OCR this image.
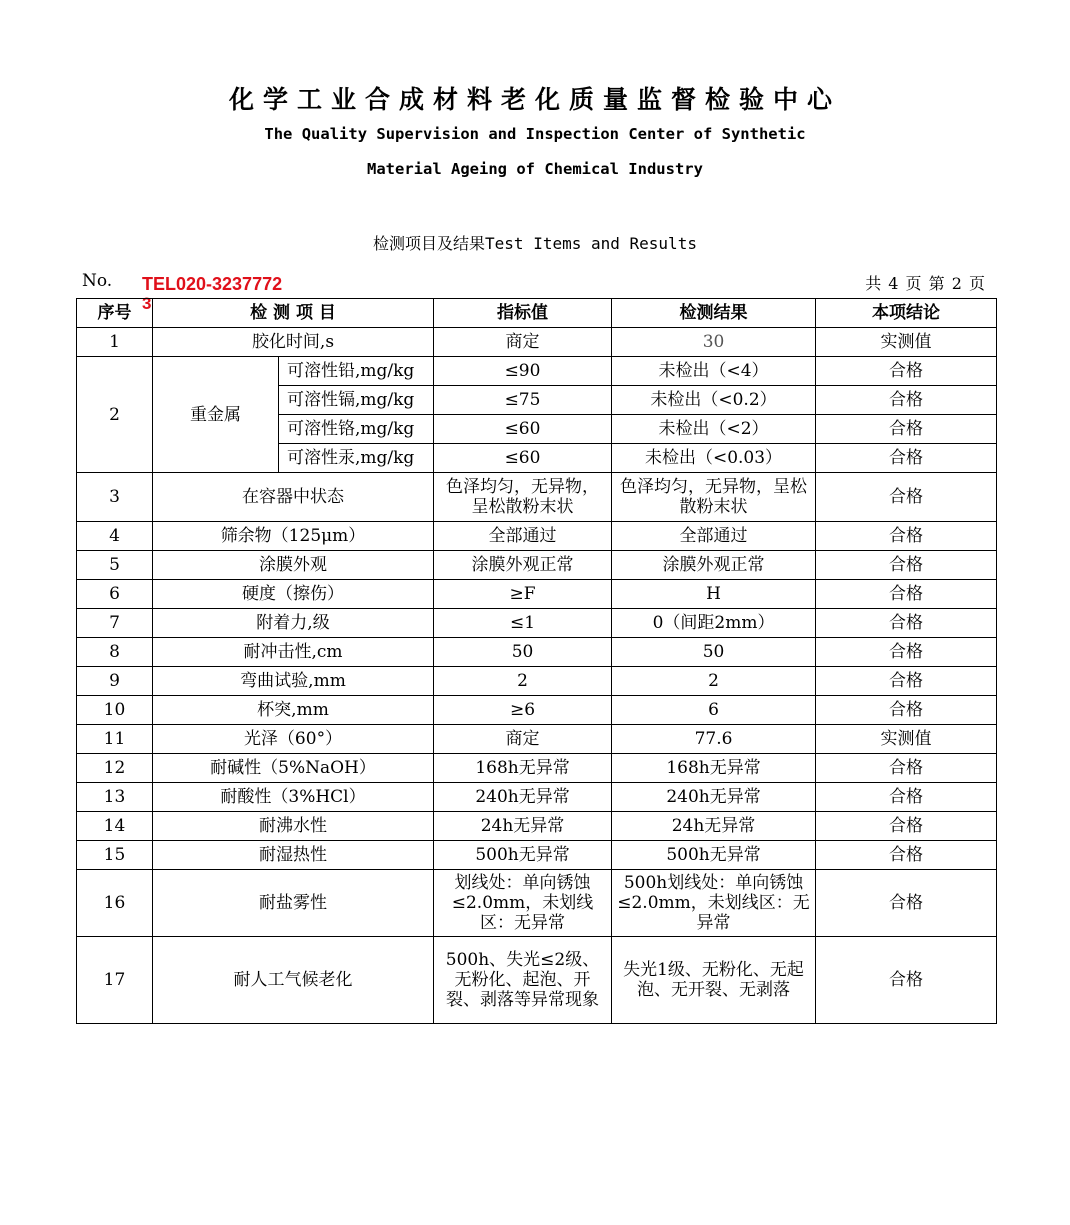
化学工业合成材料老化质量监督检验中心
The Quality Supervision and Inspection Center of Synthetic
Material Ageing of Chemical Industry
检测项目及结果Test Items and Results
No. TEL020-3237772
3
共 4 页 第 2 页
序号	检 测 项 目		指标值	检测结果	本项结论
1	胶化时间,s		商定	30	实测值
2	重金属	可溶性铅,mg/kg	≤90	未检出（<4）	合格
		可溶性镉,mg/kg	≤75	未检出（<0.2）	合格
		可溶性铬,mg/kg	≤60	未检出（<2）	合格
		可溶性汞,mg/kg	≤60	未检出（<0.03）	合格
3	在容器中状态		色泽均匀，无异物，呈松散粉末状	色泽均匀，无异物，呈松散粉末状	合格
4	筛余物（125μm）		全部通过	全部通过	合格
5	涂膜外观		涂膜外观正常	涂膜外观正常	合格
6	硬度（擦伤）		≥F	H	合格
7	附着力,级		≤1	0（间距2mm）	合格
8	耐冲击性,cm		50	50	合格
9	弯曲试验,mm		2	2	合格
10	杯突,mm		≥6	6	合格
11	光泽（60°）		商定	77.6	实测值
12	耐碱性（5%NaOH）		168h无异常	168h无异常	合格
13	耐酸性（3%HCl）		240h无异常	240h无异常	合格
14	耐沸水性		24h无异常	24h无异常	合格
15	耐湿热性		500h无异常	500h无异常	合格
16	耐盐雾性		划线处：单向锈蚀≤2.0mm，未划线区：无异常	500h划线处：单向锈蚀≤2.0mm，未划线区：无异常	合格
17	耐人工气候老化		500h、失光≤2级、无粉化、起泡、开裂、剥落等异常现象	失光1级、无粉化、无起泡、无开裂、无剥落	合格
